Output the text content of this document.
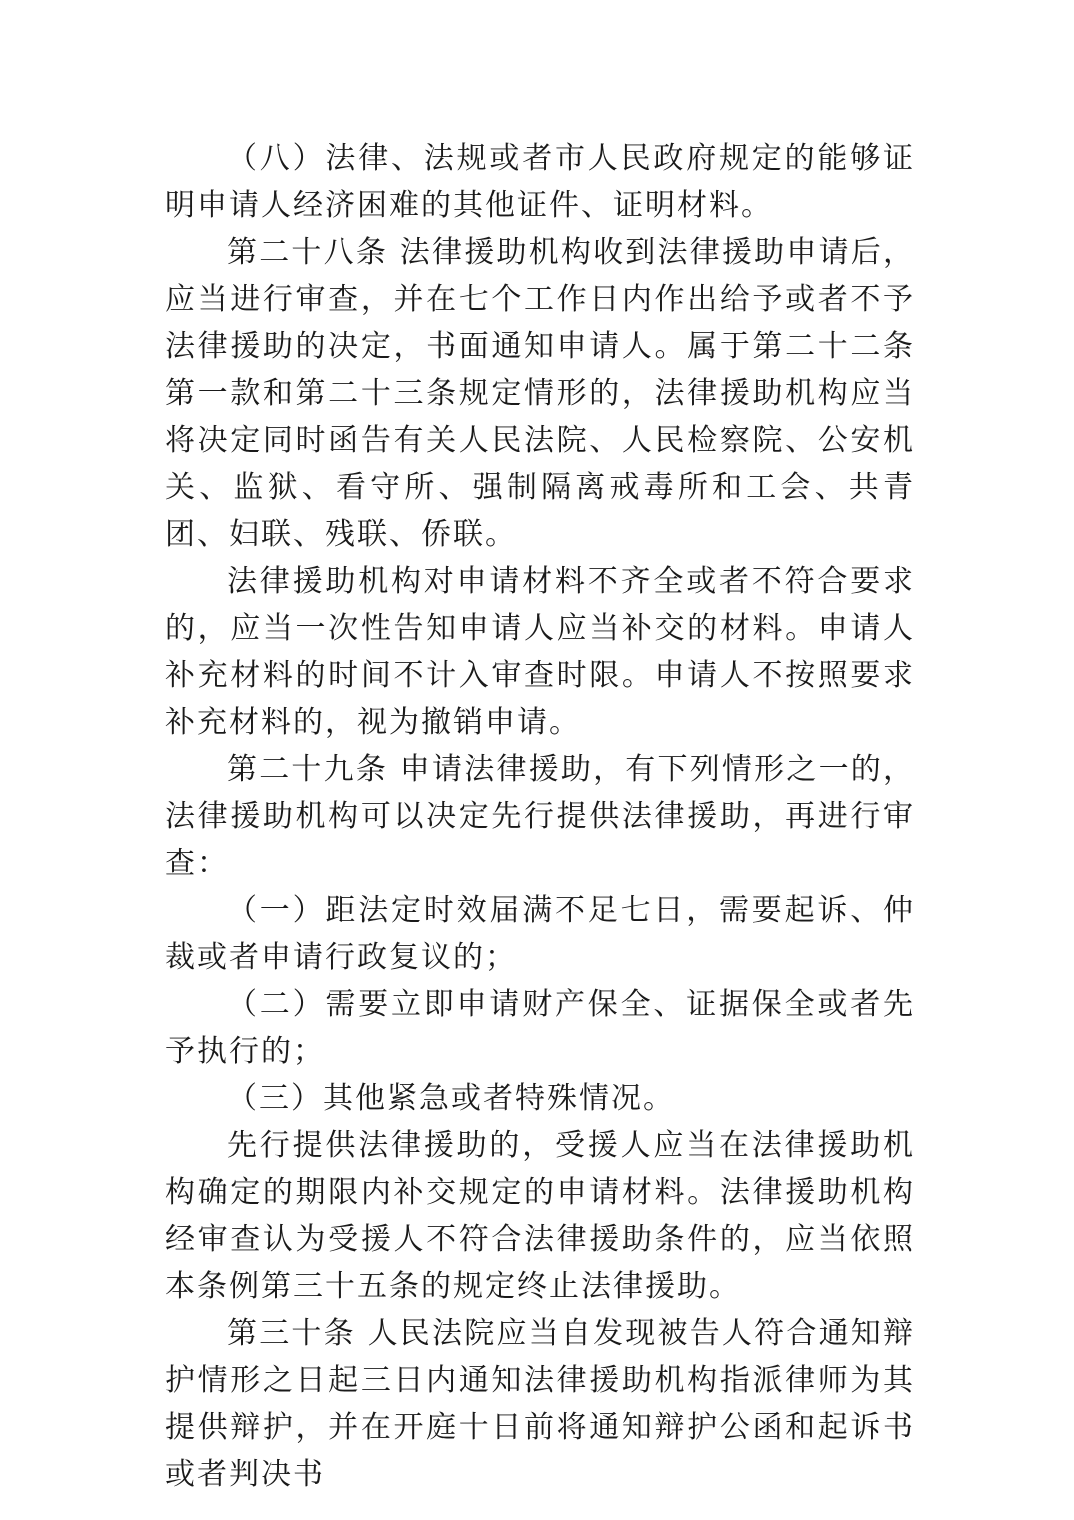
（八）法律、法规或者市人民政府规定的能够证明申请人经济困难的其他证件、证明材料。

第二十八条 法律援助机构收到法律援助申请后，应当进行审查，并在七个工作日内作出给予或者不予法律援助的决定，书面通知申请人。属于第二十二条第一款和第二十三条规定情形的，法律援助机构应当将决定同时函告有关人民法院、人民检察院、公安机关、监狱、看守所、强制隔离戒毒所和工会、共青团、妇联、残联、侨联。

法律援助机构对申请材料不齐全或者不符合要求的，应当一次性告知申请人应当补交的材料。申请人补充材料的时间不计入审查时限。申请人不按照要求补充材料的，视为撤销申请。

第二十九条 申请法律援助，有下列情形之一的，法律援助机构可以决定先行提供法律援助，再进行审查：

（一）距法定时效届满不足七日，需要起诉、仲裁或者申请行政复议的；

（二）需要立即申请财产保全、证据保全或者先予执行的；

（三）其他紧急或者特殊情况。

先行提供法律援助的，受援人应当在法律援助机构确定的期限内补交规定的申请材料。法律援助机构经审查认为受援人不符合法律援助条件的，应当依照本条例第三十五条的规定终止法律援助。

第三十条 人民法院应当自发现被告人符合通知辩护情形之日起三日内通知法律援助机构指派律师为其提供辩护，并在开庭十日前将通知辩护公函和起诉书或者判决书
